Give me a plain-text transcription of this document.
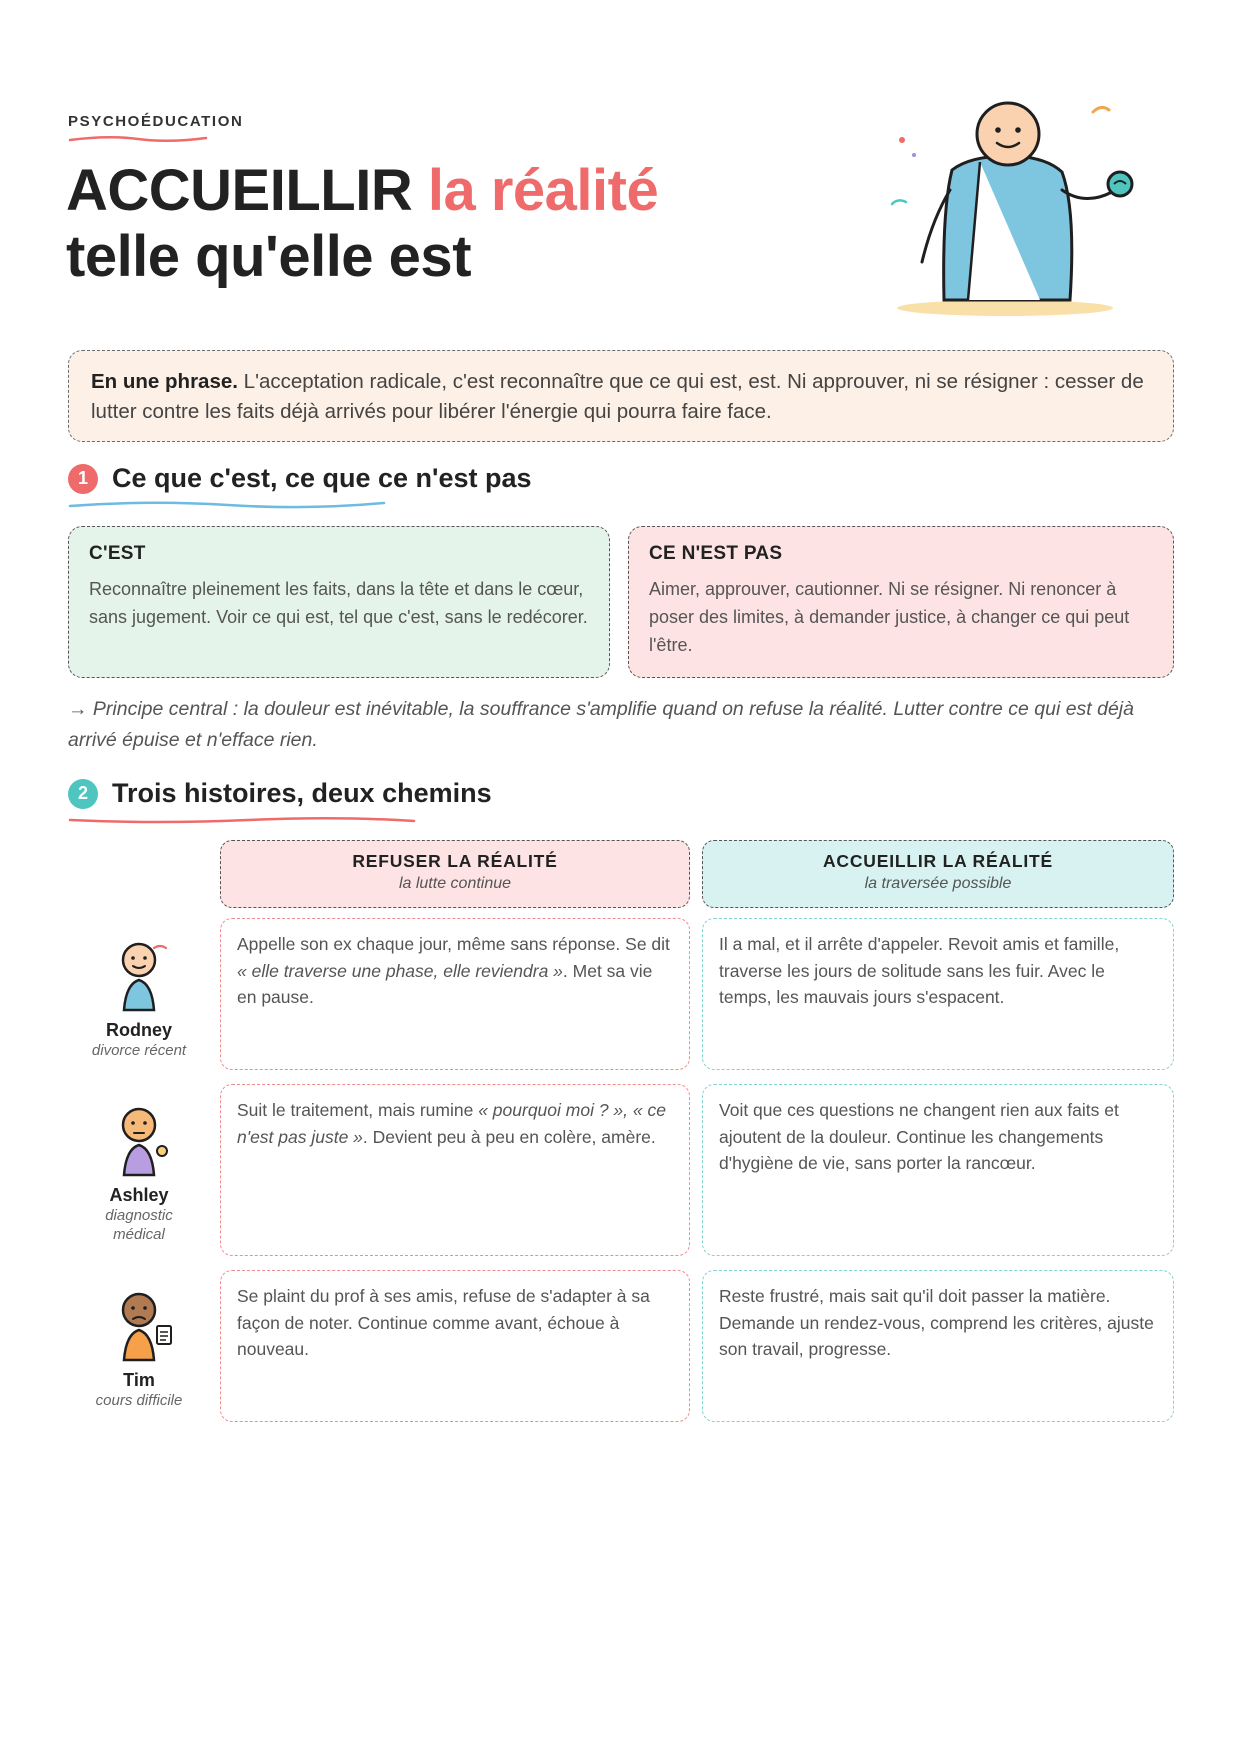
PSYCHOÉDUCATION
ACCUEILLIR la réalité
telle qu'elle est
En une phrase. L'acceptation radicale, c'est reconnaître que ce qui est, est. Ni approuver, ni se résigner : cesser de lutter contre les faits déjà arrivés pour libérer l'énergie qui pourra faire face.
1 Ce que c'est, ce que ce n'est pas
C'EST
Reconnaître pleinement les faits, dans la tête et dans le cœur, sans jugement. Voir ce qui est, tel que c'est, sans le redécorer.
CE N'EST PAS
Aimer, approuver, cautionner. Ni se résigner. Ni renoncer à poser des limites, à demander justice, à changer ce qui peut l'être.
→ Principe central : la douleur est inévitable, la souffrance s'amplifie quand on refuse la réalité. Lutter contre ce qui est déjà arrivé épuise et n'efface rien.
2 Trois histoires, deux chemins
REFUSER LA RÉALITÉ
la lutte continue
ACCUEILLIR LA RÉALITÉ
la traversée possible
Rodney
divorce récent
Appelle son ex chaque jour, même sans réponse. Se dit « elle traverse une phase, elle reviendra ». Met sa vie en pause.
Il a mal, et il arrête d'appeler. Revoit amis et famille, traverse les jours de solitude sans les fuir. Avec le temps, les mauvais jours s'espacent.
Ashley
diagnostic médical
Suit le traitement, mais rumine « pourquoi moi ? », « ce n'est pas juste ». Devient peu à peu en colère, amère.
Voit que ces questions ne changent rien aux faits et ajoutent de la douleur. Continue les changements d'hygiène de vie, sans porter la rancœur.
Tim
cours difficile
Se plaint du prof à ses amis, refuse de s'adapter à sa façon de noter. Continue comme avant, échoue à nouveau.
Reste frustré, mais sait qu'il doit passer la matière. Demande un rendez-vous, comprend les critères, ajuste son travail, progresse.
